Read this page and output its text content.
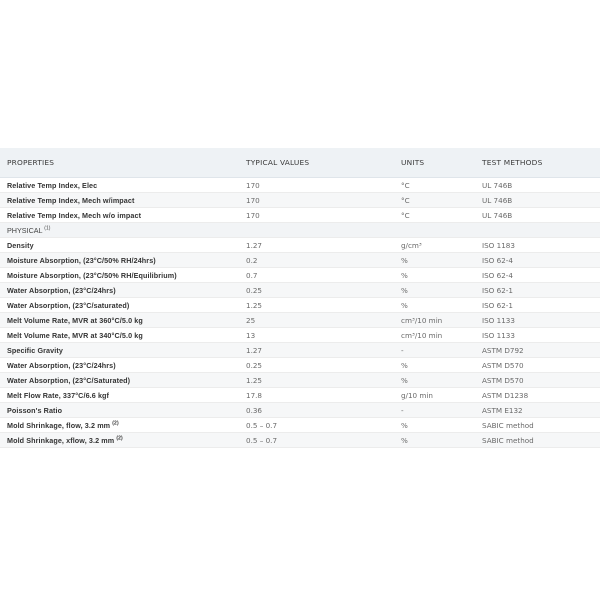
PROPERTIES	TYPICAL VALUES	UNITS	TEST METHODS
Relative Temp Index, Elec	170	°C	UL 746B
Relative Temp Index, Mech w/impact	170	°C	UL 746B
Relative Temp Index, Mech w/o impact	170	°C	UL 746B
PHYSICAL $^{(1)}$
Density	1.27	g/cm³	ISO 1183
Moisture Absorption, (23°C/50% RH/24hrs)	0.2	%	ISO 62-4
Moisture Absorption, (23°C/50% RH/Equilibrium)	0.7	%	ISO 62-4
Water Absorption, (23°C/24hrs)	0.25	%	ISO 62-1
Water Absorption, (23°C/saturated)	1.25	%	ISO 62-1
Melt Volume Rate, MVR at 360°C/5.0 kg	25	cm³/10 min	ISO 1133
Melt Volume Rate, MVR at 340°C/5.0 kg	13	cm³/10 min	ISO 1133
Specific Gravity	1.27	-	ASTM D792
Water Absorption, (23°C/24hrs)	0.25	%	ASTM D570
Water Absorption, (23°C/Saturated)	1.25	%	ASTM D570
Melt Flow Rate, 337°C/6.6 kgf	17.8	g/10 min	ASTM D1238
Poisson's Ratio	0.36	-	ASTM E132
Mold Shrinkage, flow, 3.2 mm $^{(2)}$	0.5 – 0.7	%	SABIC method
Mold Shrinkage, xflow, 3.2 mm $^{(2)}$	0.5 – 0.7	%	SABIC method
